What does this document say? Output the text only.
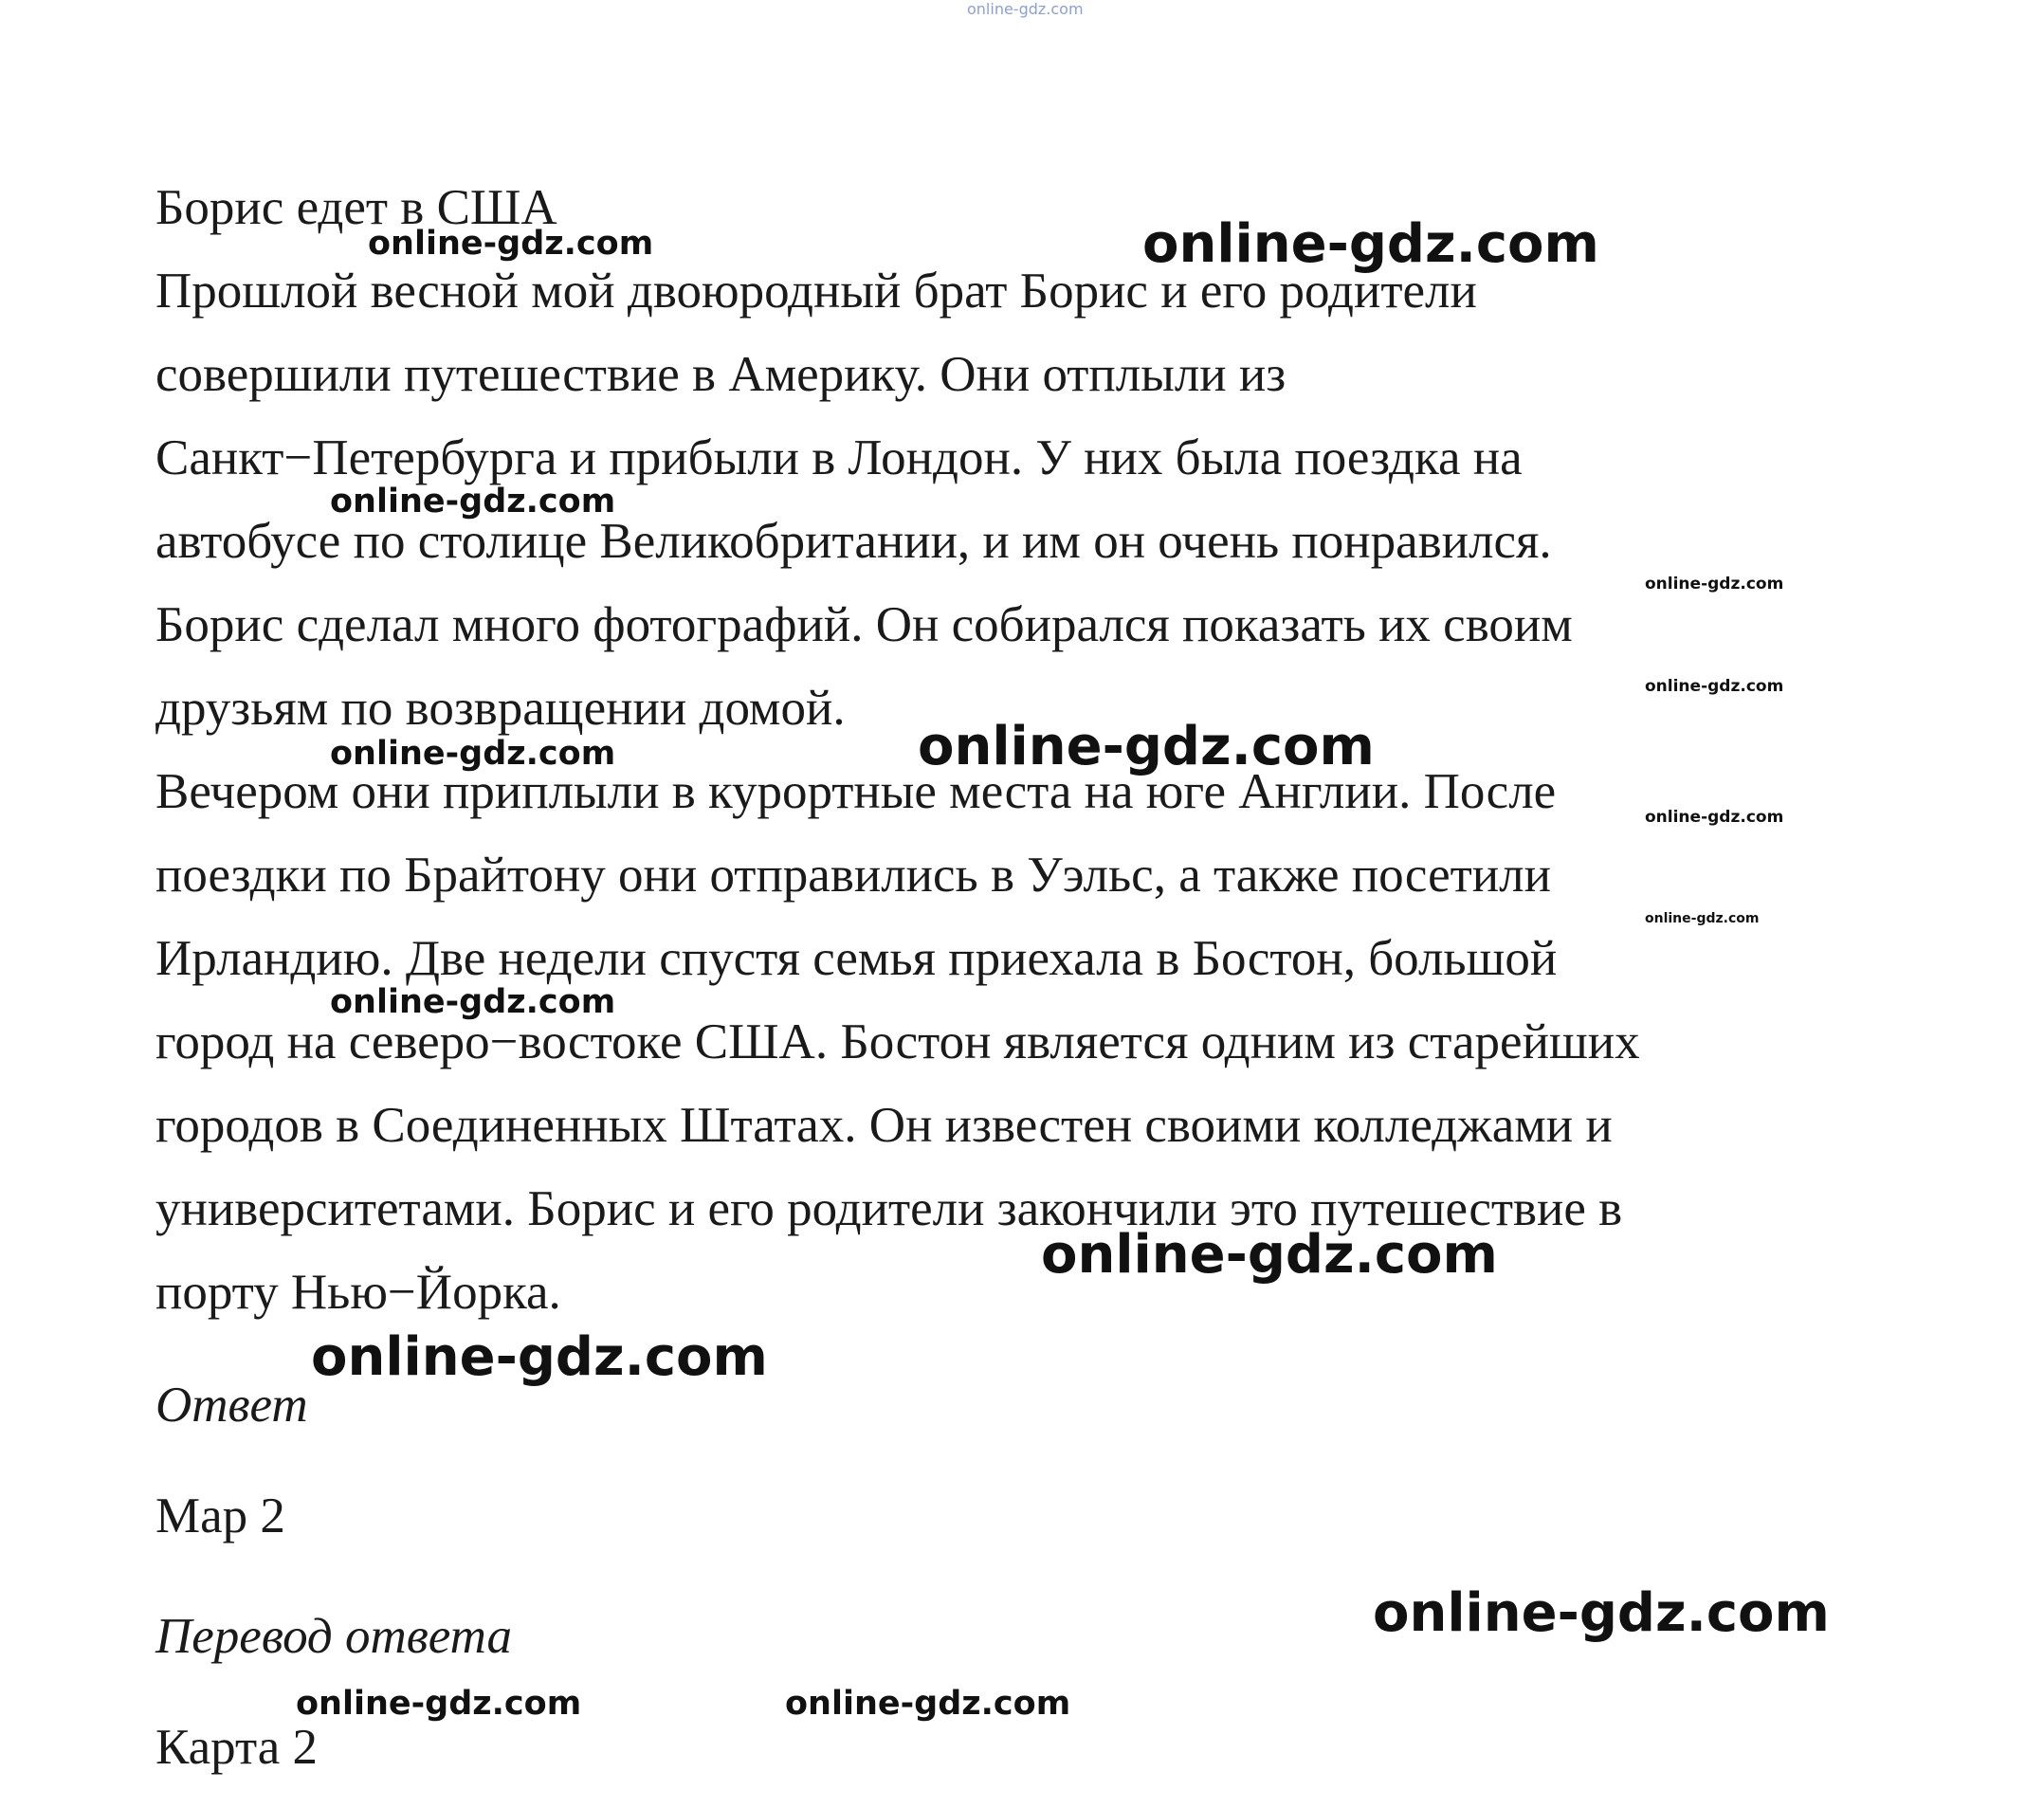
online-gdz.com
Борис едет в США
Прошлой весной мой двоюродный брат Борис и его родители
совершили путешествие в Америку. Они отплыли из
Санкт−Петербурга и прибыли в Лондон. У них была поездка на
автобусе по столице Великобритании, и им он очень понравился.
Борис сделал много фотографий. Он собирался показать их своим
друзьям по возвращении домой.
Вечером они приплыли в курортные места на юге Англии. После
поездки по Брайтону они отправились в Уэльс, а также посетили
Ирландию. Две недели спустя семья приехала в Бостон, большой
город на северо−востоке США. Бостон является одним из старейших
городов в Соединенных Штатах. Он известен своими колледжами и
университетами. Борис и его родители закончили это путешествие в
порту Нью−Йорка.
Ответ
Map 2
Перевод ответа
Карта 2
online-gdz.com	online-gdz.com
online-gdz.com
online-gdz.com
online-gdz.com
online-gdz.com	online-gdz.com
online-gdz.com
online-gdz.com
online-gdz.com
online-gdz.com
online-gdz.com
online-gdz.com
online-gdz.com	online-gdz.com
